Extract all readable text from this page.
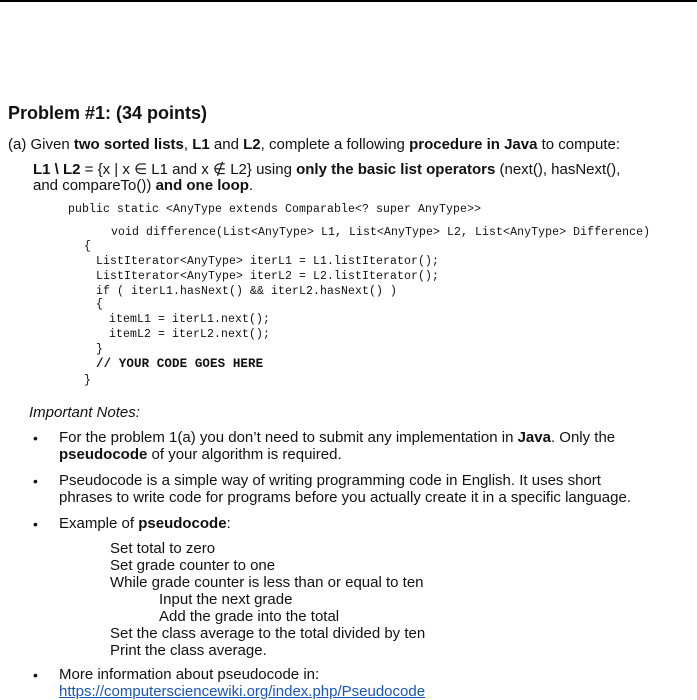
Problem #1: (34 points)
(a) Given two sorted lists, L1 and L2, complete a following procedure in Java to compute:
L1 \ L2 = {x | x ∈ L1 and x ∉ L2} using only the basic list operators (next(), hasNext(),
and compareTo()) and one loop.
public static <AnyType extends Comparable<? super AnyType>>
void difference(List<AnyType> L1, List<AnyType> L2, List<AnyType> Difference)
{
ListIterator<AnyType> iterL1 = L1.listIterator();
ListIterator<AnyType> iterL2 = L2.listIterator();
if ( iterL1.hasNext() && iterL2.hasNext() )
{
itemL1 = iterL1.next();
itemL2 = iterL2.next();
}
// YOUR CODE GOES HERE
}
Important Notes:
• For the problem 1(a) you don’t need to submit any implementation in Java. Only the
pseudocode of your algorithm is required.
• Pseudocode is a simple way of writing programming code in English. It uses short
phrases to write code for programs before you actually create it in a specific language.
• Example of pseudocode:
Set total to zero
Set grade counter to one
While grade counter is less than or equal to ten
Input the next grade
Add the grade into the total
Set the class average to the total divided by ten
Print the class average.
• More information about pseudocode in:
https://computersciencewiki.org/index.php/Pseudocode
